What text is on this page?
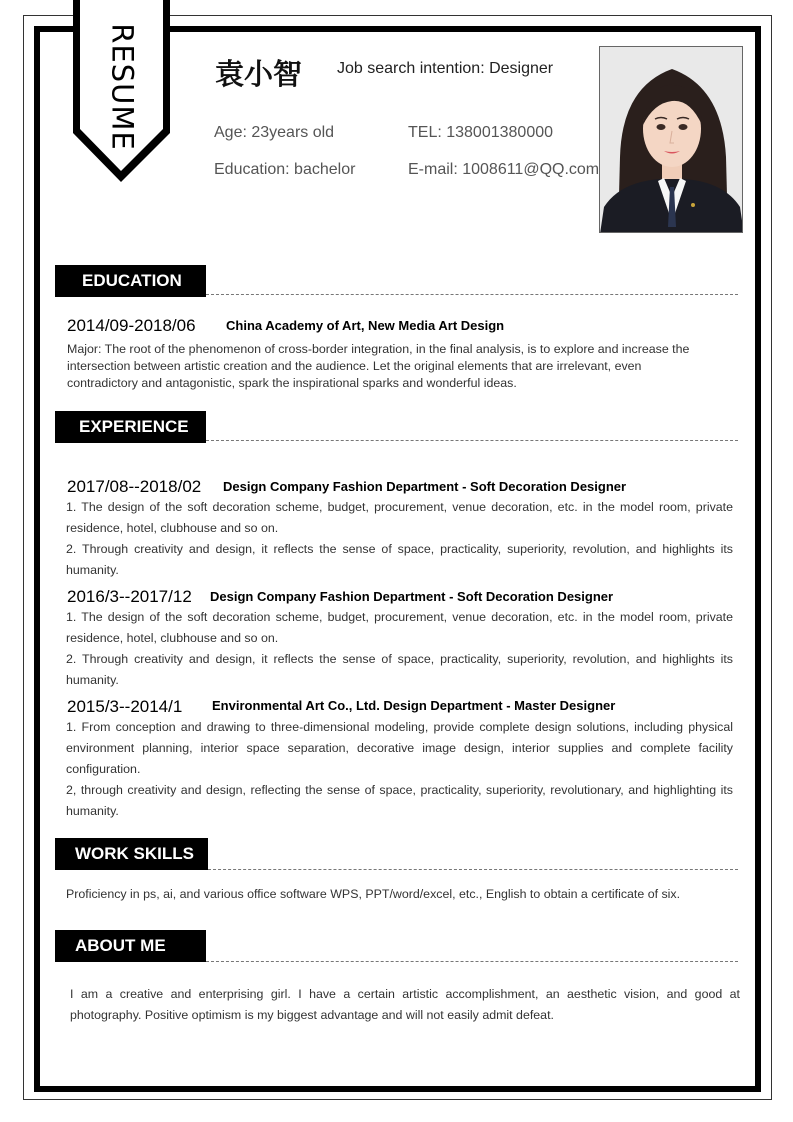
RESUME	袁小智 Job search intention: Designer
Age: 23years old	TEL: 138001380000
Education: bachelor	E-mail: 1008611@QQ.com
EDUCATION
2014/09-2018/06 China Academy of Art, New Media Art Design
Major: The root of the phenomenon of cross-border integration, in the final analysis, is to explore and increase the
intersection between artistic creation and the audience. Let the original elements that are irrelevant, even
contradictory and antagonistic, spark the inspirational sparks and wonderful ideas.
EXPERIENCE
2017/08--2018/02 Design Company Fashion Department - Soft Decoration Designer
1. The design of the soft decoration scheme, budget, procurement, venue decoration, etc. in the model room, private residence, hotel, clubhouse and so on.
2. Through creativity and design, it reflects the sense of space, practicality, superiority, revolution, and highlights its humanity.
2016/3--2017/12 Design Company Fashion Department - Soft Decoration Designer
1. The design of the soft decoration scheme, budget, procurement, venue decoration, etc. in the model room, private residence, hotel, clubhouse and so on.
2. Through creativity and design, it reflects the sense of space, practicality, superiority, revolution, and highlights its humanity.
2015/3--2014/1 Environmental Art Co., Ltd. Design Department - Master Designer
1. From conception and drawing to three-dimensional modeling, provide complete design solutions, including physical environment planning, interior space separation, decorative image design, interior supplies and complete facility configuration.
2, through creativity and design, reflecting the sense of space, practicality, superiority, revolutionary, and highlighting its humanity.
WORK SKILLS
Proficiency in ps, ai, and various office software WPS, PPT/word/excel, etc., English to obtain a certificate of six.
ABOUT ME
I am a creative and enterprising girl. I have a certain artistic accomplishment, an aesthetic vision, and good at photography. Positive optimism is my biggest advantage and will not easily admit defeat.
